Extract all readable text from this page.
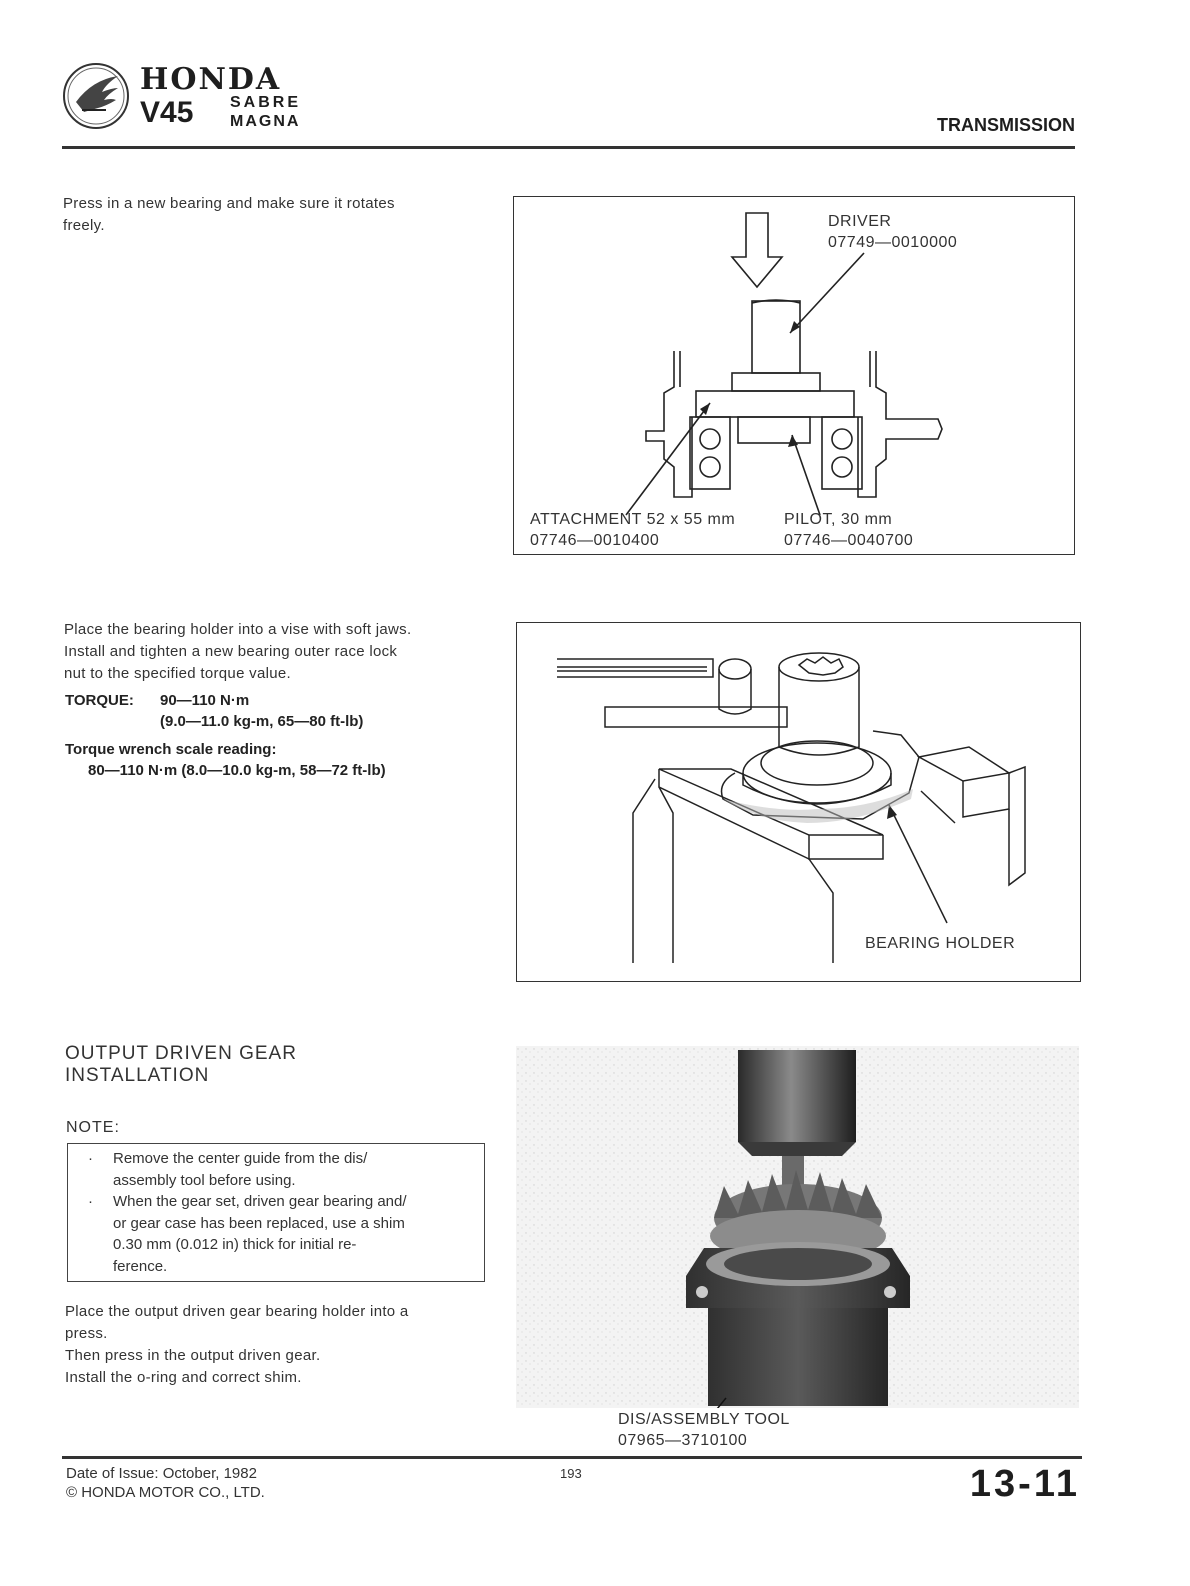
HONDA
V45 SABRE
MAGNA	TRANSMISSION
Press in a new bearing and make sure it rotates
freely.	DRIVER
07749—0010000
ATTACHMENT 52 x 55 mm
07746—0010400
PILOT, 30 mm
07746—0040700
Place the bearing holder into a vise with soft jaws.
Install and tighten a new bearing outer race lock
nut to the specified torque value.
TORQUE: 90—110 N·m
(9.0—11.0 kg-m, 65—80 ft-lb)
Torque wrench scale reading:
80—110 N·m (8.0—10.0 kg-m, 58—72 ft-lb)
BEARING HOLDER
OUTPUT DRIVEN GEAR
INSTALLATION
NOTE:
·	Remove the center guide from the dis/
assembly tool before using.
·	When the gear set, driven gear bearing and/
or gear case has been replaced, use a shim
0.30 mm (0.012 in) thick for initial re-
ference.
Place the output driven gear bearing holder into a
press.
Then press in the output driven gear.
Install the o-ring and correct shim.
DIS/ASSEMBLY TOOL
07965—3710100
Date of Issue: October, 1982
© HONDA MOTOR CO., LTD.
193	13-11
